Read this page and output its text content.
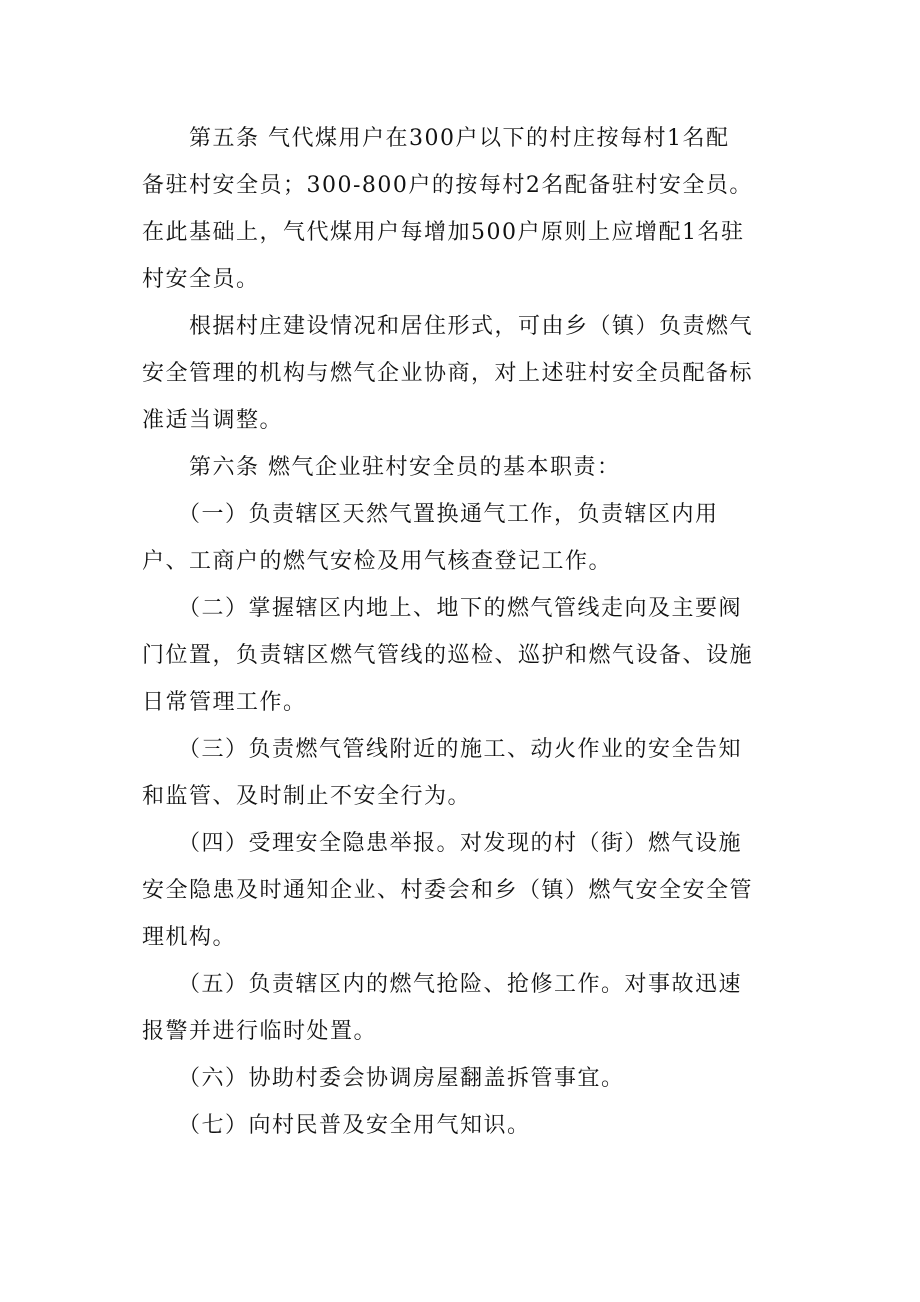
　　第五条 气代煤用户在300户以下的村庄按每村1名配
备驻村安全员；300-800户的按每村2名配备驻村安全员。
在此基础上，气代煤用户每增加500户原则上应增配1名驻
村安全员。
　　根据村庄建设情况和居住形式，可由乡（镇）负责燃气
安全管理的机构与燃气企业协商，对上述驻村安全员配备标
准适当调整。
　　第六条 燃气企业驻村安全员的基本职责：
　　（一）负责辖区天然气置换通气工作，负责辖区内用
户、工商户的燃气安检及用气核查登记工作。
　　（二）掌握辖区内地上、地下的燃气管线走向及主要阀
门位置，负责辖区燃气管线的巡检、巡护和燃气设备、设施
日常管理工作。
　　（三）负责燃气管线附近的施工、动火作业的安全告知
和监管、及时制止不安全行为。
　　（四）受理安全隐患举报。对发现的村（街）燃气设施
安全隐患及时通知企业、村委会和乡（镇）燃气安全安全管
理机构。
　　（五）负责辖区内的燃气抢险、抢修工作。对事故迅速
报警并进行临时处置。
　　（六）协助村委会协调房屋翻盖拆管事宜。
　　（七）向村民普及安全用气知识。
